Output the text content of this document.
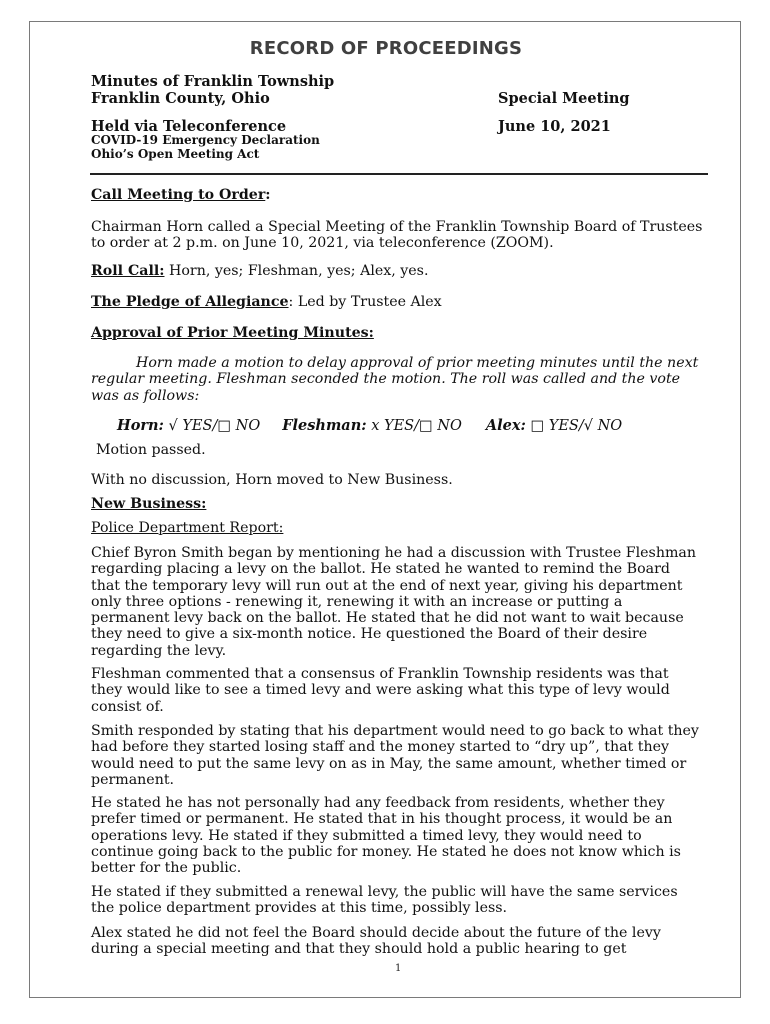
RECORD OF PROCEEDINGS
Minutes of Franklin Township
Franklin County, Ohio	Special Meeting
Held via Teleconference	June 10, 2021
COVID-19 Emergency Declaration
Ohio’s Open Meeting Act

Call Meeting to Order:

Chairman Horn called a Special Meeting of the Franklin Township Board of Trustees to order at 2 p.m. on June 10, 2021, via teleconference (ZOOM).

Roll Call: Horn, yes; Fleshman, yes; Alex, yes.

The Pledge of Allegiance: Led by Trustee Alex

Approval of Prior Meeting Minutes:

Horn made a motion to delay approval of prior meeting minutes until the next regular meeting. Fleshman seconded the motion. The roll was called and the vote was as follows:

Horn: √ YES/□ NO Fleshman: x YES/□ NO Alex: □ YES/√ NO

Motion passed.

With no discussion, Horn moved to New Business.

New Business:

Police Department Report:

Chief Byron Smith began by mentioning he had a discussion with Trustee Fleshman regarding placing a levy on the ballot. He stated he wanted to remind the Board that the temporary levy will run out at the end of next year, giving his department only three options - renewing it, renewing it with an increase or putting a permanent levy back on the ballot. He stated that he did not want to wait because they need to give a six-month notice. He questioned the Board of their desire regarding the levy.

Fleshman commented that a consensus of Franklin Township residents was that they would like to see a timed levy and were asking what this type of levy would consist of.

Smith responded by stating that his department would need to go back to what they had before they started losing staff and the money started to “dry up”, that they would need to put the same levy on as in May, the same amount, whether timed or permanent.

He stated he has not personally had any feedback from residents, whether they prefer timed or permanent. He stated that in his thought process, it would be an operations levy. He stated if they submitted a timed levy, they would need to continue going back to the public for money. He stated he does not know which is better for the public.

He stated if they submitted a renewal levy, the public will have the same services the police department provides at this time, possibly less.

Alex stated he did not feel the Board should decide about the future of the levy during a special meeting and that they should hold a public hearing to get

1
